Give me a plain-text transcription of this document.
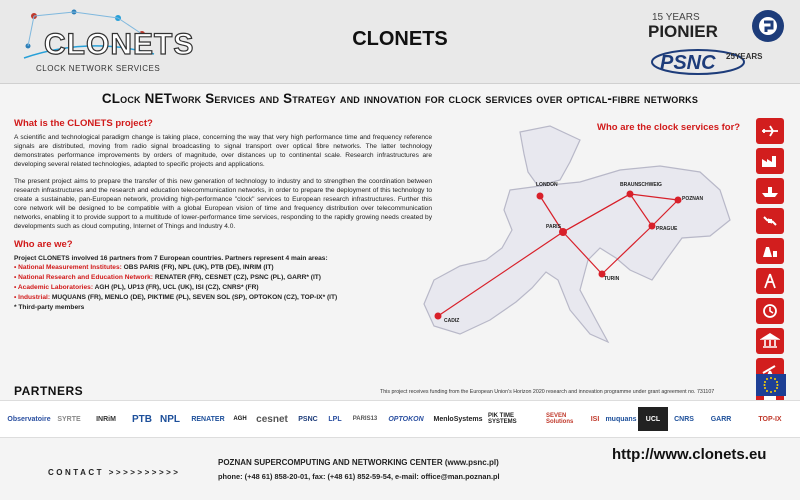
CLONETS
CLOCK NETWORK SERVICES
CLONETS
15 YEARS
PIONIER
PSNC 25YEARS
CLock NETwork Services and Strategy and innovation for clock services over optical-fibre networks
What is the CLONETS project?

A scientific and technological paradigm change is taking place, concerning the way that very high performance time and frequency reference signals are distributed, moving from radio signal broadcasting to signal transport over optical fibre networks. The latter technology demonstrates performance improvements by orders of magnitude, over distances up to continental scale. Research infrastructures are developing several related technologies, adapted to specific projects and applications.

The present project aims to prepare the transfer of this new generation of technology to industry and to strengthen the coordination between research infrastructures and the research and education telecommunication networks, in order to prepare the deployment of this technology to create a sustainable, pan-European network, providing high-performance "clock" services to European research infrastructures. Further this core network will be designed to be compatible with a global European vision of time and frequency distribution over telecommunication networks, enabling it to provide support to a multitude of lower-performance time services, responding to the rapidly growing needs created by developments such as cloud computing, Internet of Things and Industry 4.0.

Who are we?
Project CLONETS involved 16 partners from 7 European countries. Partners represent 4 main areas:
• National Measurement Institutes: OBS PARIS (FR), NPL (UK), PTB (DE), INRIM (IT)
• National Research and Education Network: RENATER (FR), CESNET (CZ), PSNC (PL), GARR* (IT)
• Academic Laboratories: AGH (PL), UP13 (FR), UCL (UK), ISI (CZ), CNRS* (FR)
• Industrial: MUQUANS (FR), MENLO (DE), PIKTIME (PL), SEVEN SOL (SP), OPTOKON (CZ), TOP-IX* (IT)
* Third-party members
LONDON	BRAUNSCHWEIG
POZNAN
PARIS	PRAGUE
TURIN
CADIZ
Who are the clock services for?
This project receives funding from the European Union's Horizon 2020 research and innovation programme under grant agreement no. 731107
PARTNERS
Observatoire SYRTE	INRiM	PTB NPL	RENATER	AGH cesnet	PSNC	LPL	PARIS13	OPTOKON	MenloSystems PIK TIME SYSTEMS
SEVEN Solutions	ISI muquans	UCL	CNRS	GARR	TOP-IX
CONTACT >>>>>>>>>>
POZNAN SUPERCOMPUTING AND NETWORKING CENTER (www.psnc.pl)
phone: (+48 61) 858-20-01, fax: (+48 61) 852-59-54, e-mail: office@man.poznan.pl
http://www.clonets.eu
